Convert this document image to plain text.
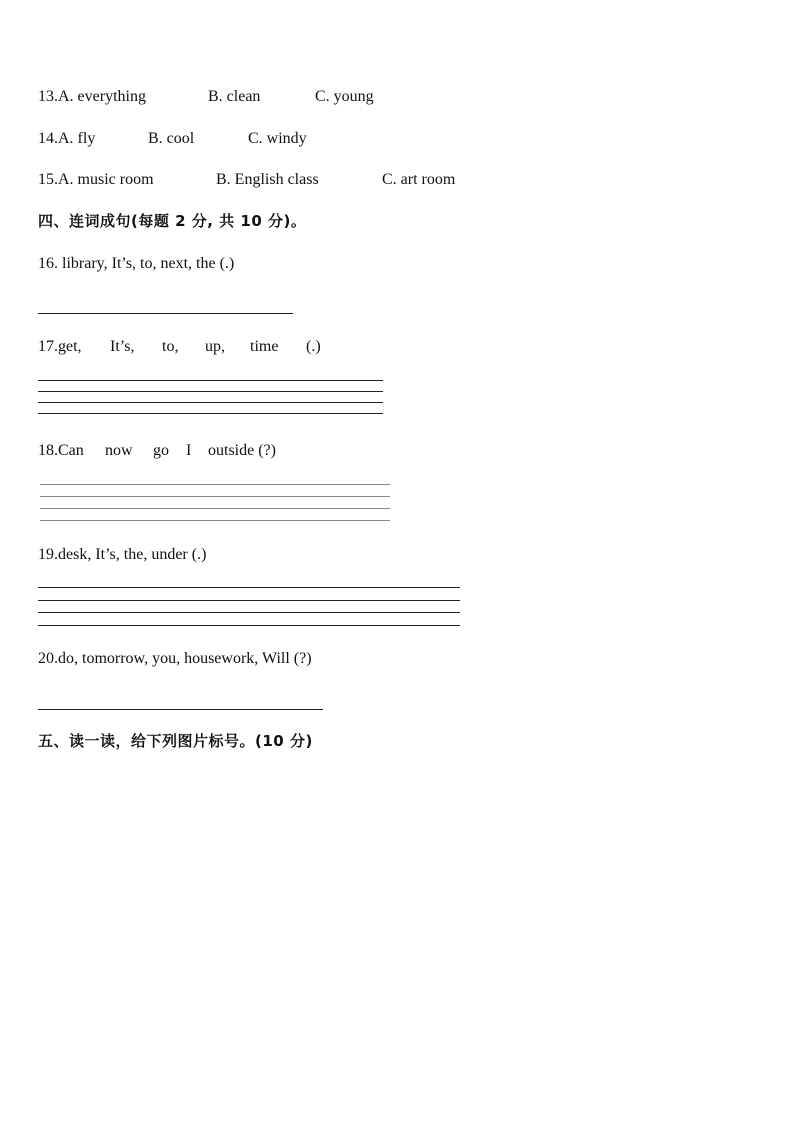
13.A. everything	B. clean	C. young
14.A. fly	B. cool	C. windy
15.A. music room	B. English class	C. art room
四、连词成句(每题 2 分, 共 10 分)。
16. library, It’s, to, next, the (.)
17.get, It’s, to, up, time (.)
18.Can now go I outside (?)
19.desk, It’s, the, under (.)
20.do, tomorrow, you, housework, Will (?)
五、读一读，给下列图片标号。(10 分)
